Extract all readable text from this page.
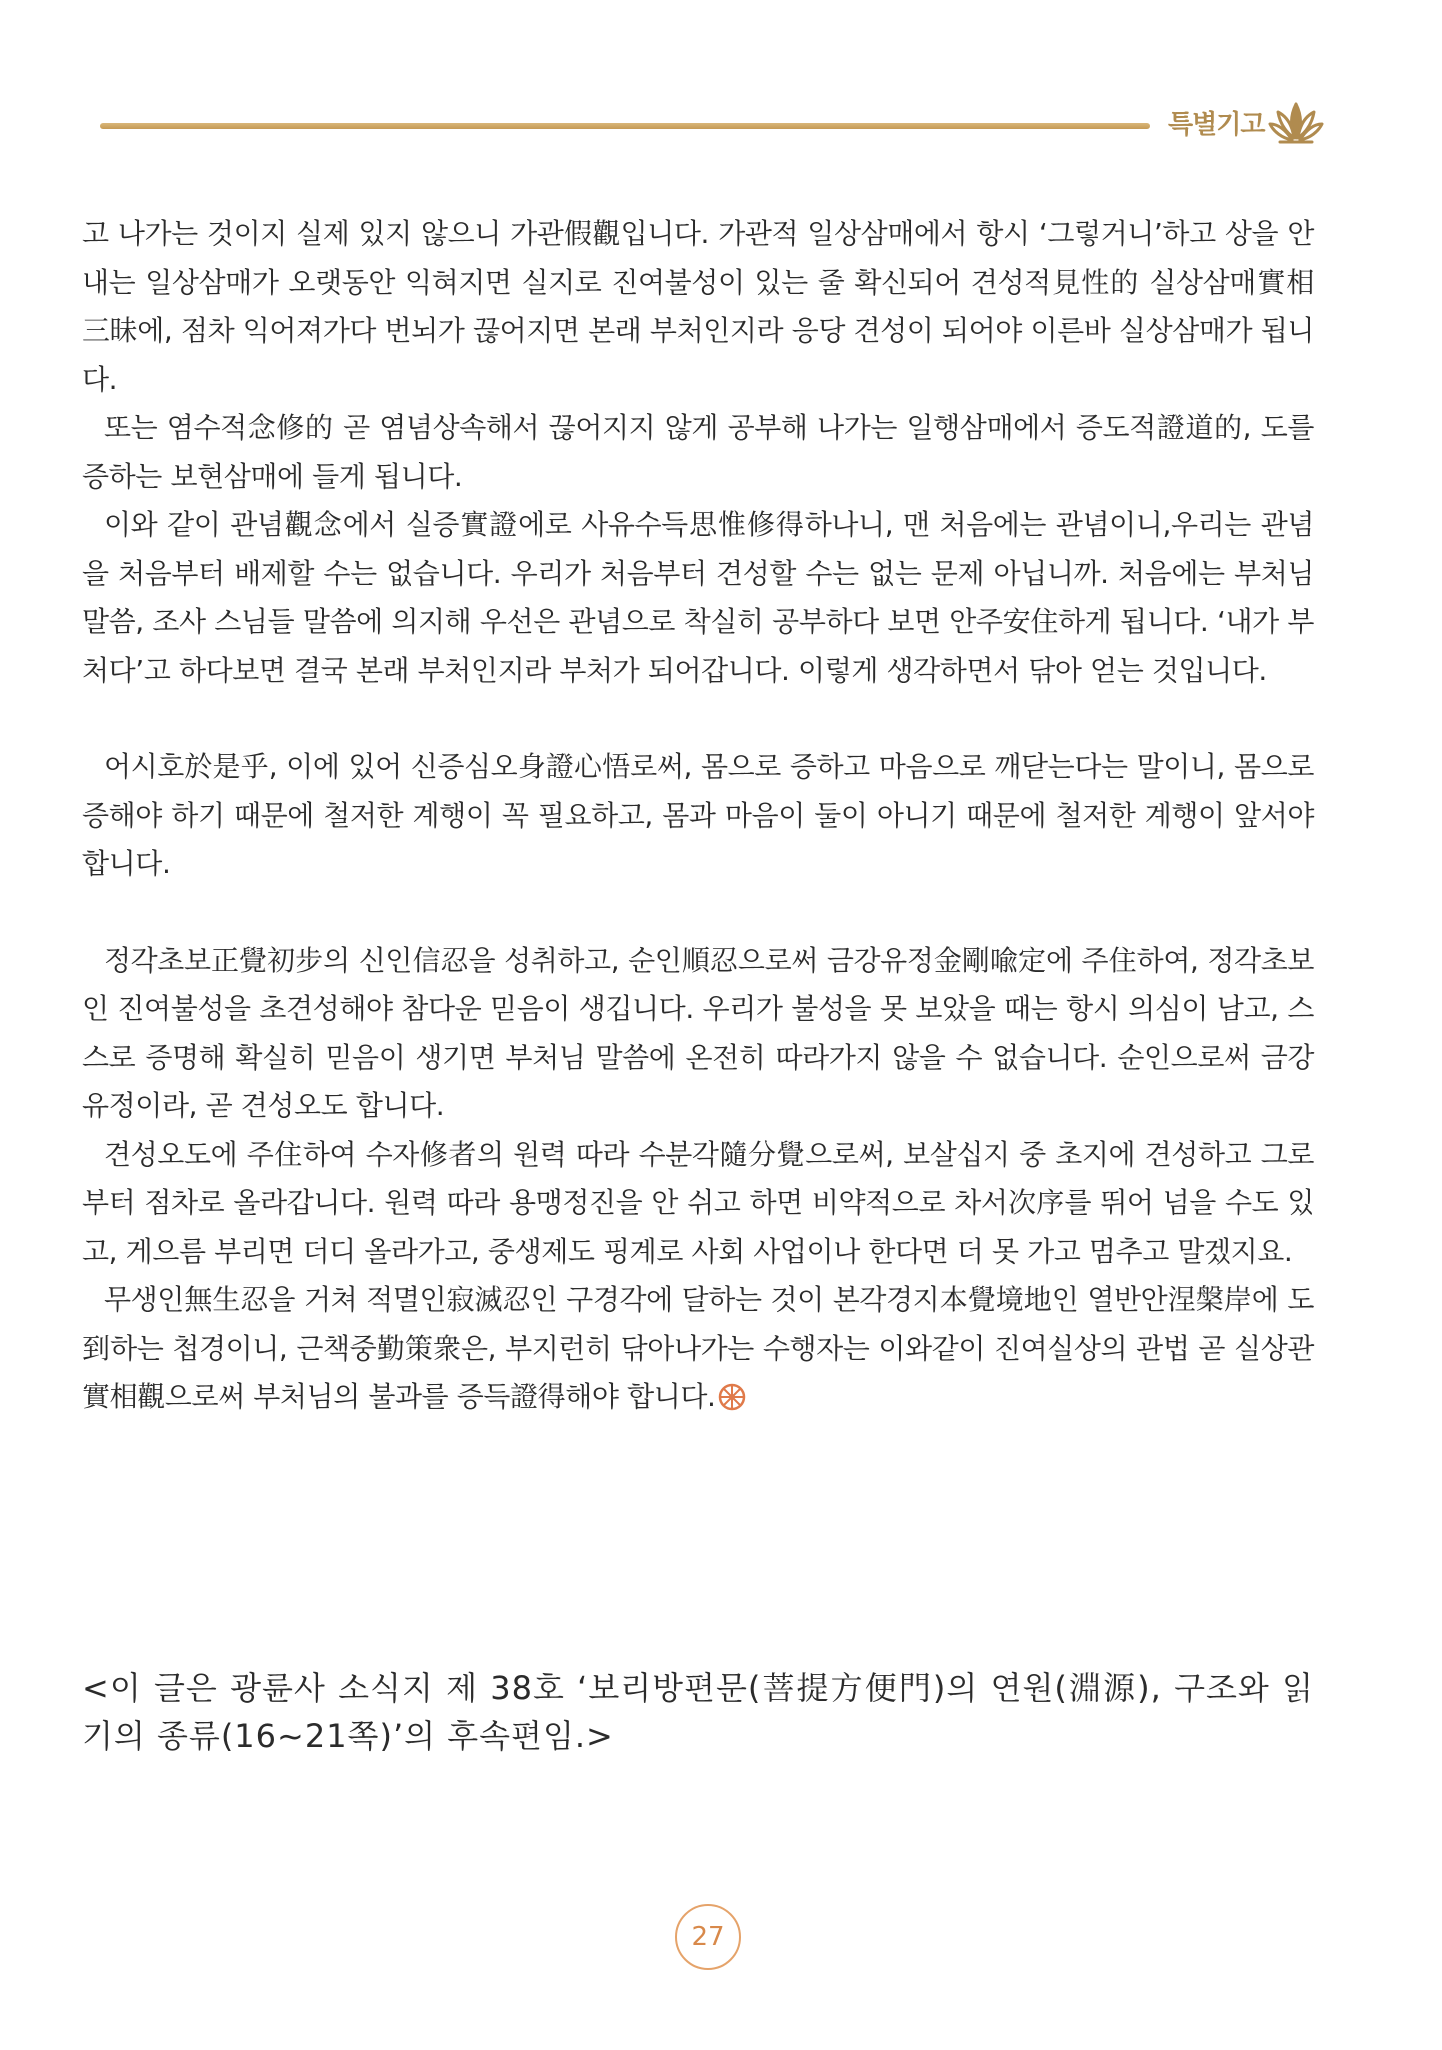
특별기고

고 나가는 것이지 실제 있지 않으니 가관假觀입니다. 가관적 일상삼매에서 항시 ‘그렇거니’하고 상을 안 내는 일상삼매가 오랫동안 익혀지면 실지로 진여불성이 있는 줄 확신되어 견성적見性的 실상삼매實相三昧에, 점차 익어져가다 번뇌가 끊어지면 본래 부처인지라 응당 견성이 되어야 이른바 실상삼매가 됩니다.

또는 염수적念修的 곧 염념상속해서 끊어지지 않게 공부해 나가는 일행삼매에서 증도적證道的, 도를 증하는 보현삼매에 들게 됩니다.

이와 같이 관념觀念에서 실증實證에로 사유수득思惟修得하나니, 맨 처음에는 관념이니,우리는 관념을 처음부터 배제할 수는 없습니다. 우리가 처음부터 견성할 수는 없는 문제 아닙니까. 처음에는 부처님 말씀, 조사 스님들 말씀에 의지해 우선은 관념으로 착실히 공부하다 보면 안주安住하게 됩니다. ‘내가 부처다’고 하다보면 결국 본래 부처인지라 부처가 되어갑니다. 이렇게 생각하면서 닦아 얻는 것입니다.

어시호於是乎, 이에 있어 신증심오身證心悟로써, 몸으로 증하고 마음으로 깨닫는다는 말이니, 몸으로 증해야 하기 때문에 철저한 계행이 꼭 필요하고, 몸과 마음이 둘이 아니기 때문에 철저한 계행이 앞서야 합니다.

정각초보正覺初步의 신인信忍을 성취하고, 순인順忍으로써 금강유정金剛喩定에 주住하여, 정각초보인 진여불성을 초견성해야 참다운 믿음이 생깁니다. 우리가 불성을 못 보았을 때는 항시 의심이 남고, 스스로 증명해 확실히 믿음이 생기면 부처님 말씀에 온전히 따라가지 않을 수 없습니다. 순인으로써 금강유정이라, 곧 견성오도 합니다.

견성오도에 주住하여 수자修者의 원력 따라 수분각隨分覺으로써, 보살십지 중 초지에 견성하고 그로부터 점차로 올라갑니다. 원력 따라 용맹정진을 안 쉬고 하면 비약적으로 차서次序를 뛰어 넘을 수도 있고, 게으름 부리면 더디 올라가고, 중생제도 핑계로 사회 사업이나 한다면 더 못 가고 멈추고 말겠지요.

무생인無生忍을 거쳐 적멸인寂滅忍인 구경각에 달하는 것이 본각경지本覺境地인 열반안涅槃岸에 도到하는 첩경이니, 근책중勤策衆은, 부지런히 닦아나가는 수행자는 이와같이 진여실상의 관법 곧 실상관實相觀으로써 부처님의 불과를 증득證得해야 합니다.

<이 글은 광륜사 소식지 제 38호 ‘보리방편문(菩提方便門)의 연원(淵源), 구조와 읽기의 종류(16~21쪽)’의 후속편임.>

27
